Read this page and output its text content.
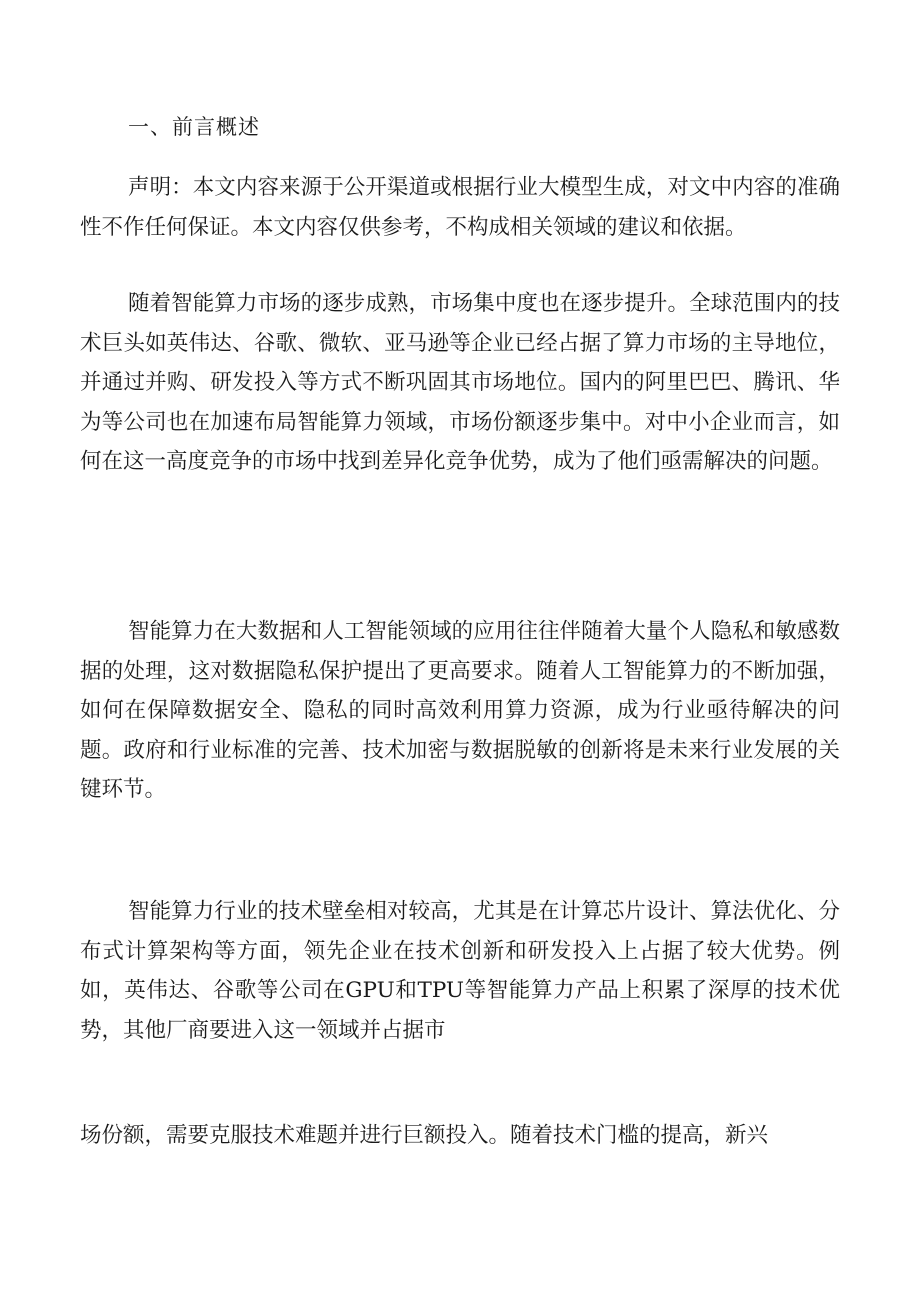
一、前言概述

声明：本文内容来源于公开渠道或根据行业大模型生成，对文中内容的准确性不作任何保证。本文内容仅供参考，不构成相关领域的建议和依据。

随着智能算力市场的逐步成熟，市场集中度也在逐步提升。全球范围内的技术巨头如英伟达、谷歌、微软、亚马逊等企业已经占据了算力市场的主导地位，并通过并购、研发投入等方式不断巩固其市场地位。国内的阿里巴巴、腾讯、华为等公司也在加速布局智能算力领域，市场份额逐步集中。对中小企业而言，如何在这一高度竞争的市场中找到差异化竞争优势，成为了他们亟需解决的问题。

智能算力在大数据和人工智能领域的应用往往伴随着大量个人隐私和敏感数据的处理，这对数据隐私保护提出了更高要求。随着人工智能算力的不断加强，如何在保障数据安全、隐私的同时高效利用算力资源，成为行业亟待解决的问题。政府和行业标准的完善、技术加密与数据脱敏的创新将是未来行业发展的关键环节。

智能算力行业的技术壁垒相对较高，尤其是在计算芯片设计、算法优化、分布式计算架构等方面，领先企业在技术创新和研发投入上占据了较大优势。例如，英伟达、谷歌等公司在GPU和TPU等智能算力产品上积累了深厚的技术优势，其他厂商要进入这一领域并占据市

场份额，需要克服技术难题并进行巨额投入。随着技术门槛的提高，新兴
